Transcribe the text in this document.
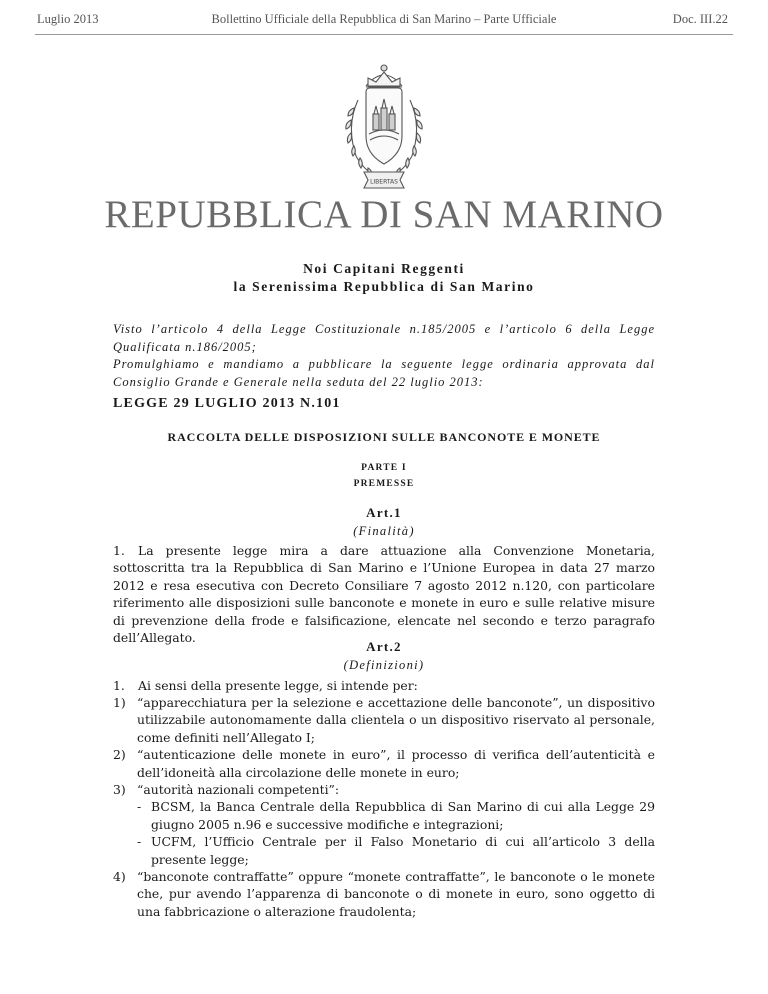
Luglio 2013	Bollettino Ufficiale della Repubblica di San Marino – Parte Ufficiale	Doc. III.22
LIBERTAS
REPUBBLICA DI SAN MARINO
Noi Capitani Reggenti
la Serenissima Repubblica di San Marino

Visto l’articolo 4 della Legge Costituzionale n.185/2005 e l’articolo 6 della Legge Qualificata n.186/2005;

Promulghiamo e mandiamo a pubblicare la seguente legge ordinaria approvata dal Consiglio Grande e Generale nella seduta del 22 luglio 2013:

LEGGE 29 LUGLIO 2013 N.101
RACCOLTA DELLE DISPOSIZIONI SULLE BANCONOTE E MONETE
PARTE I
PREMESSE
Art.1
(Finalità)
1. La presente legge mira a dare attuazione alla Convenzione Monetaria, sottoscritta tra la Repubblica di San Marino e l’Unione Europea in data 27 marzo 2012 e resa esecutiva con Decreto Consiliare 7 agosto 2012 n.120, con particolare riferimento alle disposizioni sulle banconote e monete in euro e sulle relative misure di prevenzione della frode e falsificazione, elencate nel secondo e terzo paragrafo dell’Allegato.
Art.2
(Definizioni)
1. Ai sensi della presente legge, si intende per:
1) “apparecchiatura per la selezione e accettazione delle banconote”, un dispositivo utilizzabile autonomamente dalla clientela o un dispositivo riservato al personale, come definiti nell’Allegato I;
2) “autenticazione delle monete in euro”, il processo di verifica dell’autenticità e dell’idoneità alla circolazione delle monete in euro;
3) “autorità nazionali competenti”:
- BCSM, la Banca Centrale della Repubblica di San Marino di cui alla Legge 29 giugno 2005 n.96 e successive modifiche e integrazioni;
- UCFM, l’Ufficio Centrale per il Falso Monetario di cui all’articolo 3 della presente legge;
4) “banconote contraffatte” oppure “monete contraffatte”, le banconote o le monete che, pur avendo l’apparenza di banconote o di monete in euro, sono oggetto di una fabbricazione o alterazione fraudolenta;
